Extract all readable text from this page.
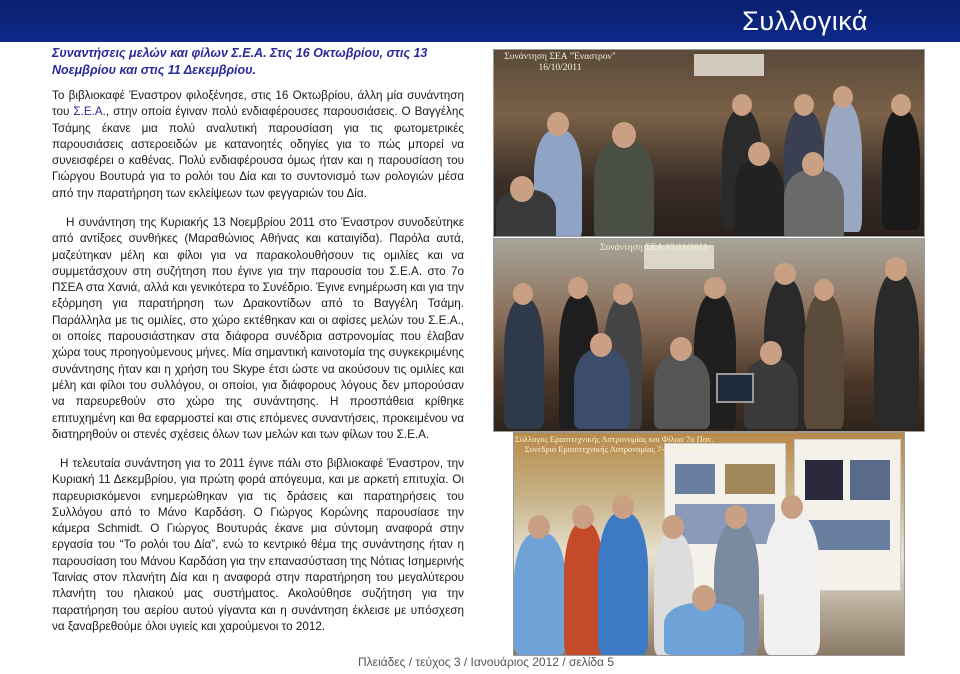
Συλλογικά
Συναντήσεις μελών και φίλων Σ.Ε.Α. Στις 16 Οκτωβρίου, στις 13 Νοεμβρίου και στις 11 Δεκεμβρίου.

Το βιβλιοκαφέ Έναστρον φιλοξένησε, στις 16 Οκτωβρίου, άλλη μία συνάντηση του Σ.Ε.Α., στην οποία έγιναν πολύ ενδιαφέρουσες παρουσιάσεις. Ο Βαγγέλης Τσάμης έκανε μια πολύ αναλυτική παρουσίαση για τις φωτομετρικές παρουσιάσεις αστεροειδών με κατανοητές οδηγίες για το πώς μπορεί να συνεισφέρει ο καθένας. Πολύ ενδιαφέρουσα όμως ήταν και η παρουσίαση του Γιώργου Βουτυρά για το ρολόι του Δία και το συντονισμό των ρολογιών μέσα από την παρατήρηση των εκλείψεων των φεγγαριών του Δία.

Η συνάντηση της Κυριακής 13 Νοεμβρίου 2011 στο Έναστρον συνοδεύτηκε από αντίξοες συνθήκες (Μαραθώνιος Αθήνας και καταιγίδα). Παρόλα αυτά, μαζεύτηκαν μέλη και φίλοι για να παρακολουθήσουν τις ομιλίες και να συμμετάσχουν στη συζήτηση που έγινε για την παρουσία του Σ.Ε.Α. στο 7ο ΠΣΕΑ στα Χανιά, αλλά και γενικότερα το Συνέδριο. Έγινε ενημέρωση και για την εξόρμηση για παρατήρηση των Δρακοντίδων από το Βαγγέλη Τσάμη. Παράλληλα με τις ομιλίες, στο χώρο εκτέθηκαν και οι αφίσες μελών του Σ.Ε.Α., οι οποίες παρουσιάστηκαν στα διάφορα συνέδρια αστρονομίας που έλαβαν χώρα τους προηγούμενους μήνες. Μία σημαντική καινοτομία της συγκεκριμένης συνάντησης ήταν και η χρήση του Skype έτσι ώστε να ακούσουν τις ομιλίες και μέλη και φίλοι του συλλόγου, οι οποίοι, για διάφορους λόγους δεν μπορούσαν να παρευρεθούν στο χώρο της συνάντησης. Η προσπάθεια κρίθηκε επιτυχημένη και θα εφαρμοστεί και στις επόμενες συναντήσεις, προκειμένου να διατηρηθούν οι στενές σχέσεις όλων των μελών και των φίλων του Σ.Ε.Α.

Η τελευταία συνάντηση για το 2011 έγινε πάλι στο βιβλιοκαφέ Έναστρον, την Κυριακή 11 Δεκεμβρίου, για πρώτη φορά απόγευμα, και με αρκετή επιτυχία. Οι παρευρισκόμενοι ενημερώθηκαν για τις δράσεις και παρατηρήσεις του Συλλόγου από το Μάνο Καρδάση. Ο Γιώργος Κορώνης παρουσίασε την κάμερα Schmidt. Ο Γιώργος Βουτυράς έκανε μια σύντομη αναφορά στην εργασία του “Το ρολόι του Δία”, ενώ το κεντρικό θέμα της συνάντησης ήταν η παρουσίαση του Μάνου Καρδάση για την επανασύσταση της Νότιας Ισημερινής Ταινίας στον πλανήτη Δία και η αναφορά στην παρατήρηση του μεγαλύτερου πλανήτη του ηλιακού μας συστήματος. Ακολούθησε συζήτηση για την παρατήρηση του αερίου αυτού γίγαντα και η συνάντηση έκλεισε με υπόσχεση να ξαναβρεθούμε όλοι υγιείς και χαρούμενοι το 2012.

Συνάντηση ΣΕΑ "Έναστρον" 16/10/2011
Συνάντηση ΣΕΑ 13/11/2011
Σύλλογος Ερασιτεχνικής Αστρονομίας και Φίλων 7ο Παν. Συνέδριο Ερασιτεχνικής Αστρονομίας 7-9 Οκτ 2011
Πλειάδες / τεύχος 3 / Ιανουάριος 2012 / σελίδα 5
